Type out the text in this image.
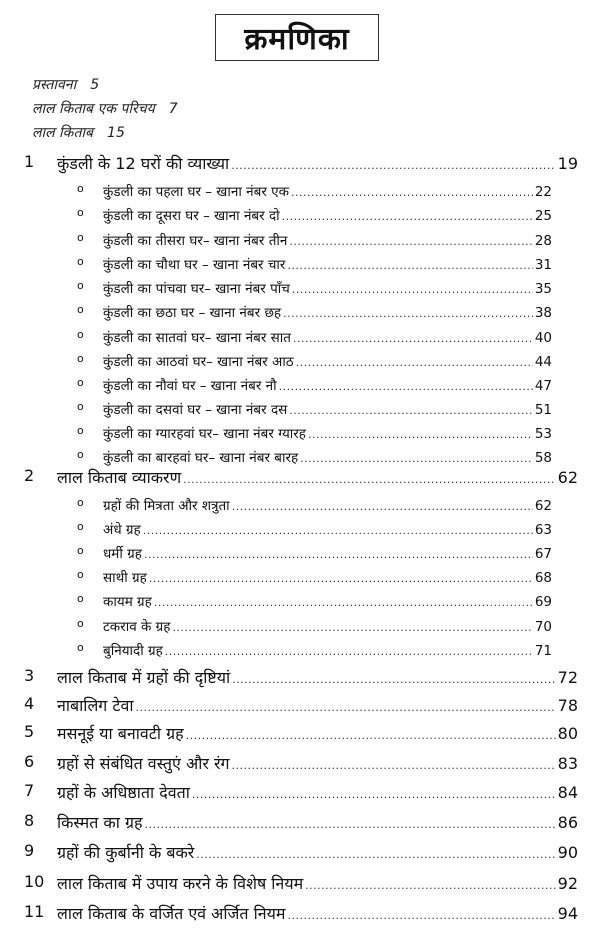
क्रमणिका
प्रस्तावना 5
लाल किताब एक परिचय 7
लाल किताब 15
1	कुंडली के 12 घरों की व्याख्या .....	19
o कुंडली का पहला घर – खाना नंबर एक .....	22
o कुंडली का दूसरा घर – खाना नंबर दो .....	25
o कुंडली का तीसरा घर– खाना नंबर तीन .....	28
o कुंडली का चौथा घर – खाना नंबर चार .....	31
o कुंडली का पांचवा घर– खाना नंबर पाँच .....	35
o कुंडली का छठा घर – खाना नंबर छह .....	38
o कुंडली का सातवां घर– खाना नंबर सात .....	40
o कुंडली का आठवां घर– खाना नंबर आठ .....	44
o कुंडली का नौवां घर – खाना नंबर नौ .....	47
o कुंडली का दसवां घर – खाना नंबर दस .....	51
o कुंडली का ग्यारहवां घर– खाना नंबर ग्यारह .....	53
o कुंडली का बारहवां घर– खाना नंबर बारह .....	58
2	लाल किताब व्याकरण .....	62
o ग्रहों की मित्रता और शत्रुता .....	62
o अंधे ग्रह .....	63
o धर्मी ग्रह .....	67
o साथी ग्रह .....	68
o कायम ग्रह .....	69
o टकराव के ग्रह .....	70
o बुनियादी ग्रह .....	71
3	लाल किताब में ग्रहों की दृष्टियां .....	72
4	नाबालिग टेवा .....	78
5	मसनूई या बनावटी ग्रह .....	80
6	ग्रहों से संबंधित वस्तुएं और रंग .....	83
7	ग्रहों के अधिष्ठाता देवता .....	84
8	किस्मत का ग्रह .....	86
9	ग्रहों की कुर्बानी के बकरे .....	90
10 लाल किताब में उपाय करने के विशेष नियम .....	92
11 लाल किताब के वर्जित एवं अर्जित नियम .....	94
